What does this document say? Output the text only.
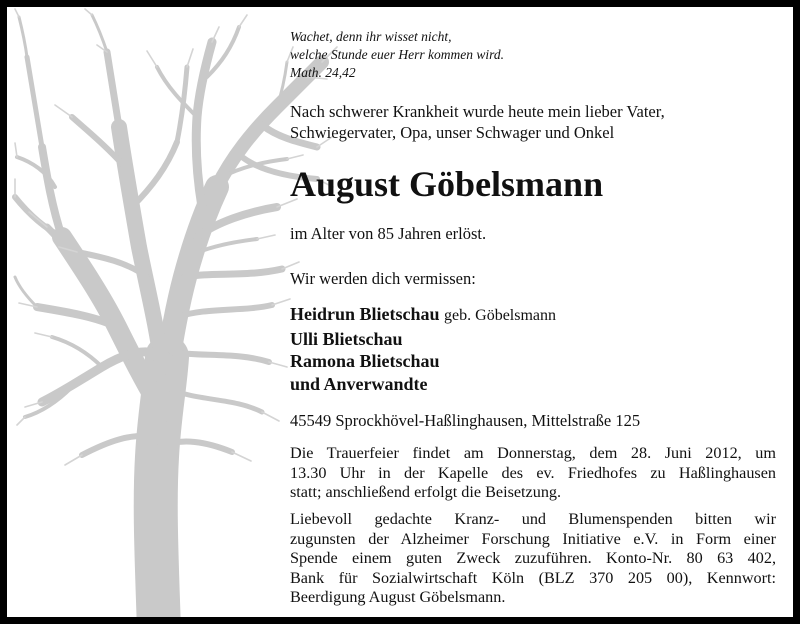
Wachet, denn ihr wisset nicht,
welche Stunde euer Herr kommen wird.
Math. 24,42
Nach schwerer Krankheit wurde heute mein lieber Vater,
Schwiegervater, Opa, unser Schwager und Onkel
August Göbelsmann
im Alter von 85 Jahren erlöst.
Wir werden dich vermissen:
Heidrun Blietschau geb. Göbelsmann
Ulli Blietschau
Ramona Blietschau
und Anverwandte
45549 Sprockhövel-Haßlinghausen, Mittelstraße 125
Die Trauerfeier findet am Donnerstag, dem 28. Juni 2012, um
13.30 Uhr in der Kapelle des ev. Friedhofes zu Haßlinghausen
statt; anschließend erfolgt die Beisetzung.
Liebevoll gedachte Kranz- und Blumenspenden bitten wir
zugunsten der Alzheimer Forschung Initiative e.V. in Form einer
Spende einem guten Zweck zuzuführen. Konto-Nr. 80 63 402,
Bank für Sozialwirtschaft Köln (BLZ 370 205 00), Kennwort:
Beerdigung August Göbelsmann.
